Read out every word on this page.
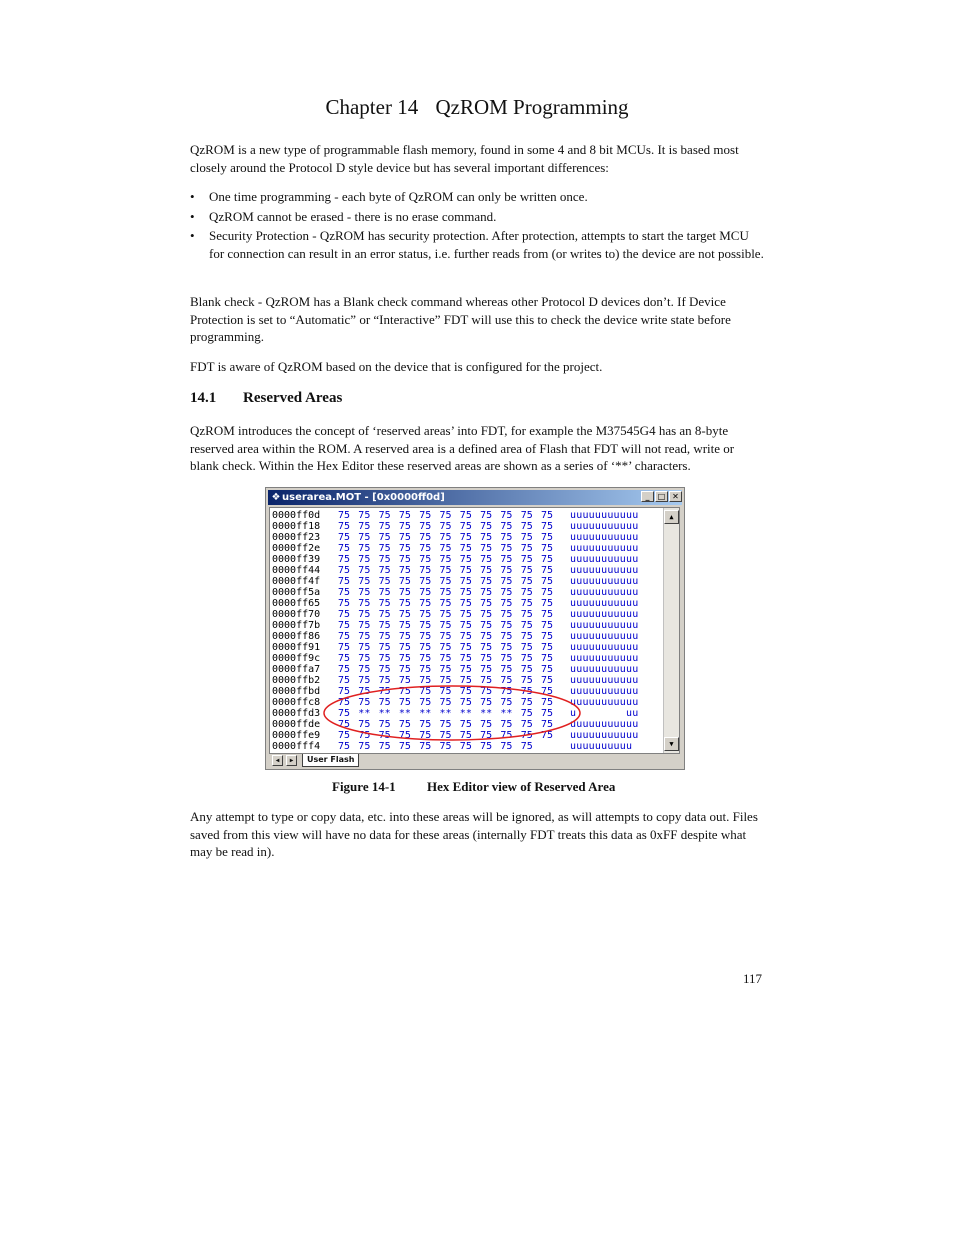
Chapter 14 QzROM Programming

QzROM is a new type of programmable flash memory, found in some 4 and 8 bit MCUs. It is based most closely around the Protocol D style device but has several important differences:

• One time programming - each byte of QzROM can only be written once.
• QzROM cannot be erased - there is no erase command.
• Security Protection - QzROM has security protection. After protection, attempts to start the target MCU for connection can result in an error status, i.e. further reads from (or writes to) the device are not possible.

Blank check - QzROM has a Blank check command whereas other Protocol D devices don’t. If Device Protection is set to “Automatic” or “Interactive” FDT will use this to check the device write state before programming.

FDT is aware of QzROM based on the device that is configured for the project.

14.1 Reserved Areas

QzROM introduces the concept of ‘reserved areas’ into FDT, for example the M37545G4 has an 8-byte reserved area within the ROM. A reserved area is a defined area of Flash that FDT will not read, write or blank check. Within the Hex Editor these reserved areas are shown as a series of ‘**’ characters.

❖ userarea.MOT - [0x0000ff0d]	_	□ ✕
▲
▼
0000ff0d 75 75 75 75 75 75 75 75 75 75 75	uuuuuuuuuuu
0000ff18 75 75 75 75 75 75 75 75 75 75 75	uuuuuuuuuuu
0000ff23 75 75 75 75 75 75 75 75 75 75 75	uuuuuuuuuuu
0000ff2e 75 75 75 75 75 75 75 75 75 75 75	uuuuuuuuuuu
0000ff39 75 75 75 75 75 75 75 75 75 75 75	uuuuuuuuuuu
0000ff44 75 75 75 75 75 75 75 75 75 75 75	uuuuuuuuuuu
0000ff4f 75 75 75 75 75 75 75 75 75 75 75	uuuuuuuuuuu
0000ff5a 75 75 75 75 75 75 75 75 75 75 75	uuuuuuuuuuu
0000ff65 75 75 75 75 75 75 75 75 75 75 75	uuuuuuuuuuu
0000ff70 75 75 75 75 75 75 75 75 75 75 75	uuuuuuuuuuu
0000ff7b 75 75 75 75 75 75 75 75 75 75 75	uuuuuuuuuuu
0000ff86 75 75 75 75 75 75 75 75 75 75 75	uuuuuuuuuuu
0000ff91 75 75 75 75 75 75 75 75 75 75 75	uuuuuuuuuuu
0000ff9c 75 75 75 75 75 75 75 75 75 75 75	uuuuuuuuuuu
0000ffa7 75 75 75 75 75 75 75 75 75 75 75	uuuuuuuuuuu
0000ffb2 75 75 75 75 75 75 75 75 75 75 75	uuuuuuuuuuu
0000ffbd 75 75 75 75 75 75 75 75 75 75 75	uuuuuuuuuuu
0000ffc8 75 75 75 75 75 75 75 75 75 75 75	uuuuuuuuuuu
0000ffd3 75 ** ** ** ** ** ** ** ** 75 75	u        uu
0000ffde 75 75 75 75 75 75 75 75 75 75 75	uuuuuuuuuuu
0000ffe9 75 75 75 75 75 75 75 75 75 75 75	uuuuuuuuuuu
0000fff4 75 75 75 75 75 75 75 75 75 75	uuuuuuuuuu
◀	▶	User Flash
Figure 14-1 Hex Editor view of Reserved Area

Any attempt to type or copy data, etc. into these areas will be ignored, as will attempts to copy data out. Files saved from this view will have no data for these areas (internally FDT treats this data as 0xFF despite what may be read in).

117
